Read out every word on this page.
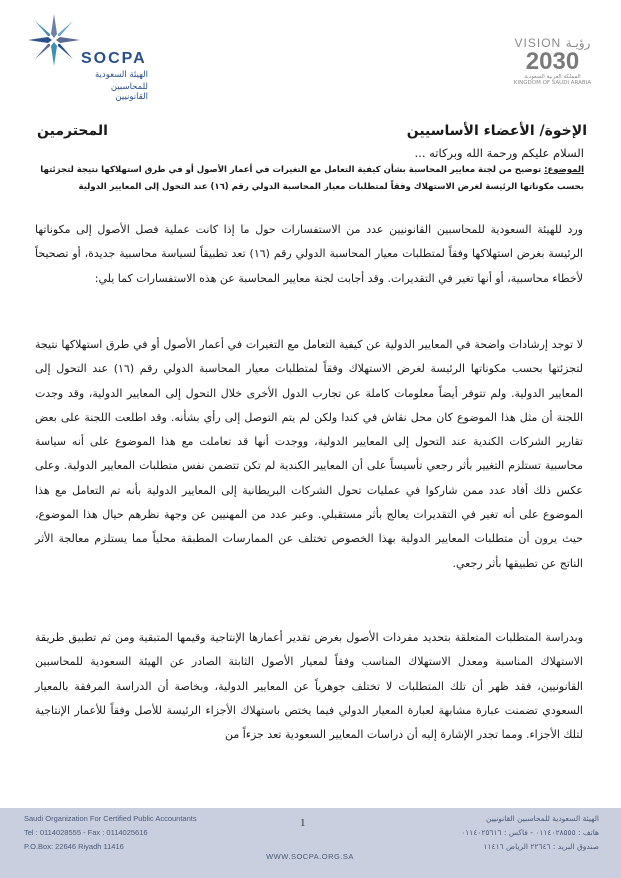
SOCPA
الهيئة السعودية
للمحاسبين القانونيين
VISION رؤيـة
2030
المملكة العربية السعودية
KINGDOM OF SAUDI ARABIA
الإخوة/ الأعضاء الأساسيين
المحترمين
السلام عليكم ورحمة الله وبركاته ...
الموضوع: توضيح من لجنة معايير المحاسبة بشأن كيفية التعامل مع التغيرات في أعمار الأصول أو في طرق استهلاكها نتيجة لتجزئتها بحسب مكوناتها الرئيسة لغرض الاستهلاك وفقاً لمتطلبات معيار المحاسبة الدولي رقم (١٦) عند التحول إلى المعايير الدولية
ورد للهيئة السعودية للمحاسبين القانونيين عدد من الاستفسارات حول ما إذا كانت عملية فصل الأصول إلى مكوناتها الرئيسة بغرض استهلاكها وفقاً لمتطلبات معيار المحاسبة الدولي رقم (١٦) تعد تطبيقاً لسياسة محاسبية جديدة، أو تصحيحاً لأخطاء محاسبية، أو أنها تغير في التقديرات. وقد أجابت لجنة معايير المحاسبة عن هذه الاستفسارات كما يلي:
لا توجد إرشادات واضحة في المعايير الدولية عن كيفية التعامل مع التغيرات في أعمار الأصول أو في طرق استهلاكها نتيجة لتجزئتها بحسب مكوناتها الرئيسة لغرض الاستهلاك وفقاً لمتطلبات معيار المحاسبة الدولي رقم (١٦) عند التحول إلى المعايير الدولية. ولم تتوفر أيضاً معلومات كاملة عن تجارب الدول الأخرى خلال التحول إلى المعايير الدولية، وقد وجدت اللجنة أن مثل هذا الموضوع كان محل نقاش في كندا ولكن لم يتم التوصل إلى رأي بشأنه. وقد اطلعت اللجنة على بعض تقارير الشركات الكندية عند التحول إلى المعايير الدولية، ووجدت أنها قد تعاملت مع هذا الموضوع على أنه سياسة محاسبية تستلزم التغيير بأثر رجعي تأسيساً على أن المعايير الكندية لم تكن تتضمن نفس متطلبات المعايير الدولية. وعلى عكس ذلك أفاد عدد ممن شاركوا في عمليات تحول الشركات البريطانية إلى المعايير الدولية بأنه تم التعامل مع هذا الموضوع على أنه تغير في التقديرات يعالج بأثر مستقبلي. وعبر عدد من المهنيين عن وجهة نظرهم حيال هذا الموضوع، حيث يرون أن متطلبات المعايير الدولية بهذا الخصوص تختلف عن الممارسات المطبقة محلياً مما يستلزم معالجة الأثر الناتج عن تطبيقها بأثر رجعي.
وبدراسة المتطلبات المتعلقة بتحديد مفردات الأصول بغرض تقدير أعمارها الإنتاجية وقيمها المتبقية ومن ثم تطبيق طريقة الاستهلاك المناسبة ومعدل الاستهلاك المناسب وفقاً لمعيار الأصول الثابتة الصادر عن الهيئة السعودية للمحاسبين القانونيين، فقد ظهر أن تلك المتطلبات لا تختلف جوهرياً عن المعايير الدولية، وبخاصة أن الدراسة المرفقة بالمعيار السعودي تضمنت عبارة مشابهة لعبارة المعيار الدولي فيما يختص باستهلاك الأجزاء الرئيسة للأصل وفقاً للأعمار الإنتاجية لتلك الأجزاء. ومما تجدر الإشارة إليه أن دراسات المعايير السعودية تعد جزءاً من
Saudi Organization For Certified Public Accountants
Tel : 0114028555 - Fax : 0114025616
P.O.Box: 22646 Riyadh 11416
1
WWW.SOCPA.ORG.SA
الهيئة السعودية للمحاسبين القانونيين
هاتف : ٠١١٤٠٢٨٥٥٥ - فاكس : ٠١١٤٠٢٥٦١٦
صندوق البريد : ٢٢٦٤٦ الرياض ١١٤١٦
